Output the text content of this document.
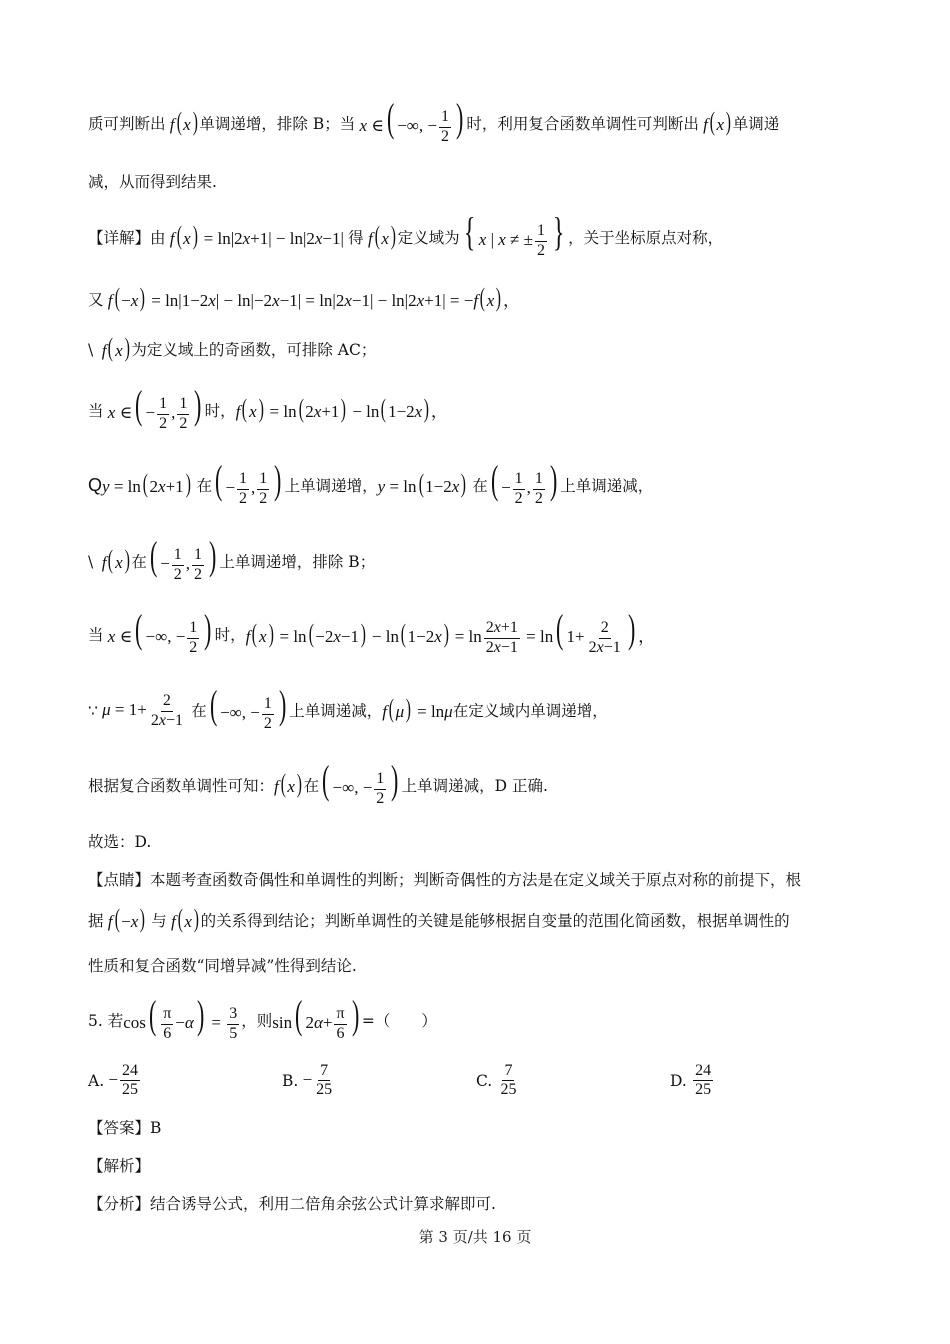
质可判断出 f( x) 单调递增，排除 B；当 x ∈( −∞, − $\frac{1}{2}$ ) 时，利用复合函数单调性可判断出 f( x) 单调递
减，从而得到结果.
【详解】由 f( x) = ln|2x+1| − ln|2x−1| 得 f( x) 定义域为 { x | x ≠ ± $\frac{1}{2}$ } ，关于坐标原点对称，
又 f( −x) = ln|1−2x| − ln|−2x−1| = ln|2x−1| − ln|2x+1| = −f( x) ，
\ f( x) 为定义域上的奇函数，可排除 AC；
当 x ∈( − $\frac{1}{2}$ , $\frac{1}{2}$ ) 时， f( x) = ln( 2x+1) − ln( 1−2x) ，
Q y = ln( 2x+1) 在 ( − $\frac{1}{2}$ , $\frac{1}{2}$ ) 上单调递增， y = ln( 1−2x) 在 ( − $\frac{1}{2}$ , $\frac{1}{2}$ ) 上单调递减，
\ f( x) 在 ( − $\frac{1}{2}$ , $\frac{1}{2}$ ) 上单调递增，排除 B；
当 x ∈( −∞, − $\frac{1}{2}$ ) 时， f( x) = ln( −2x−1) − ln( $1-2x) = \ln \frac{2x+1}{2x-1} = \ln$( $1+ \frac{2}{2x-1}$ ) ，
∵ $\mu = 1+ \frac{2}{2x-1}$
在 ( −∞, − $\frac{1}{2}$ ) 上单调递减， f( μ) = lnμ 在定义域内单调递增，
根据复合函数单调性可知： f( x) 在 ( −∞, − $\frac{1}{2}$ ) 上单调递减，D 正确.
故选：D.
【点睛】本题考查函数奇偶性和单调性的判断；判断奇偶性的方法是在定义域关于原点对称的前提下，根
据 f( −x) 与 f( x) 的关系得到结论；判断单调性的关键是能够根据自变量的范围化简函数，根据单调性的
性质和复合函数“同增异减”性得到结论.
5. 若 $\cos( \frac{\pi}{6} -\alpha) = \frac{3}{5}$ ，则 sin( $2\alpha+ \frac{\pi}{6}$ ) =（　　）
A. − $\frac{24}{25}$	B. − $\frac{7}{25}$	C.
$\frac{7}{25}$	D.
$\frac{24}{25}$
【答案】B
【解析】
【分析】结合诱导公式，利用二倍角余弦公式计算求解即可.
第 3 页/共 16 页
